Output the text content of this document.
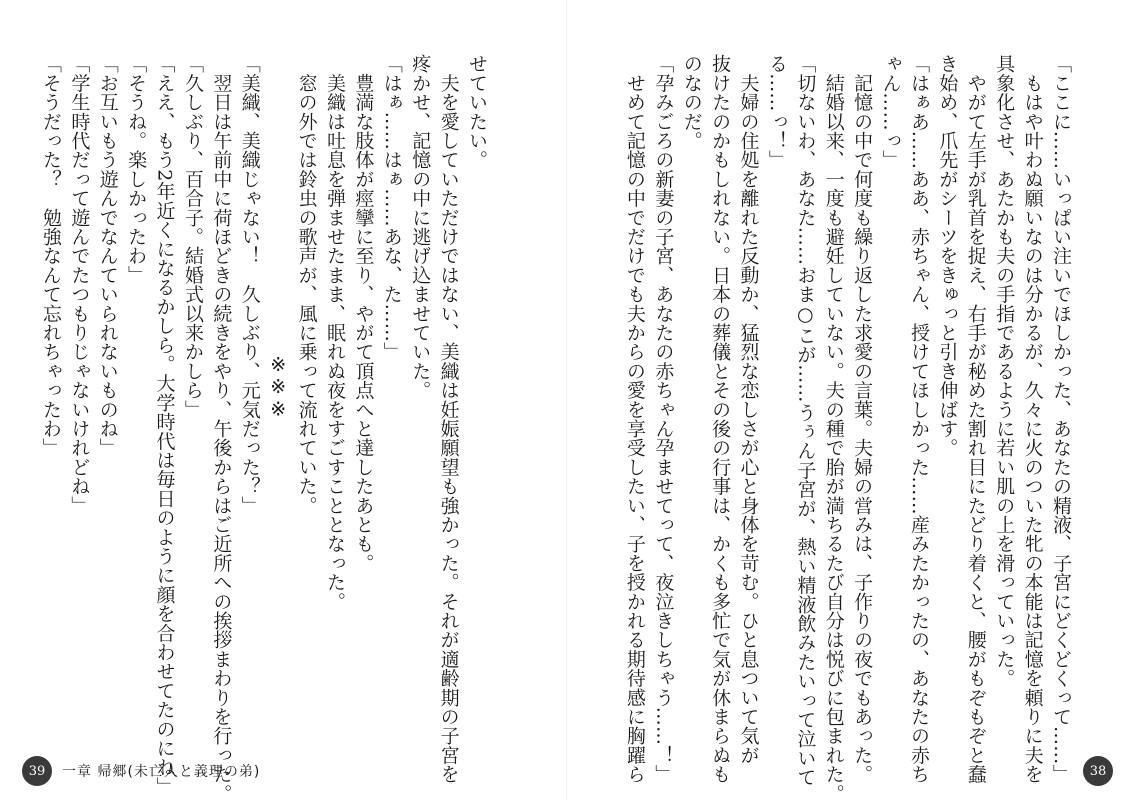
「ここに……いっぱい注いでほしかった、あなたの精液、子宮にどくどくって……」
　もはや叶わぬ願いなのは分かるが、久々に火のついた牝の本能は記憶を頼りに夫を
具象化させ、あたかも夫の手指であるように若い肌の上を滑っていった。
　やがて左手が乳首を捉え、右手が秘めた割れ目にたどり着くと、腰がもぞもぞと蠢
き始め、爪先がシーツをきゅっと引き伸ばす。
「はぁあ……ああ、赤ちゃん、授けてほしかった……産みたかったの、あなたの赤ち
ゃん……っ」
　記憶の中で何度も繰り返した求愛の言葉。夫婦の営みは、子作りの夜でもあった。
　結婚以来、一度も避妊していない。夫の種で胎が満ちるたび自分は悦びに包まれた。
「切ないわ、あなた……おま○こが……うぅん子宮が、熱い精液飲みたいって泣いて
る……っ！」
　夫婦の住処を離れた反動か、猛烈な恋しさが心と身体を苛む。ひと息ついて気が
抜けたのかもしれない。日本の葬儀とその後の行事は、かくも多忙で気が休まらぬも
のなのだ。
「孕みごろの新妻の子宮、あなたの赤ちゃん孕ませてって、夜泣きしちゃう……！」
　せめて記憶の中でだけでも夫からの愛を享受したい、子を授かれる期待感に胸躍ら	38
せていたい。
　夫を愛していただけではない、美織は妊娠願望も強かった。それが適齢期の子宮を
疼かせ、記憶の中に逃げ込ませていた。
「はぁ……はぁ……あな、た……」
　豊満な肢体が痙攣に至り、やがて頂点へと達したあとも。
　美織は吐息を弾ませたまま、眠れぬ夜をすごすこととなった。
　窓の外では鈴虫の歌声が、風に乗って流れていた。
※※※
「美織、美織じゃない！　久しぶり、元気だった？」
　翌日は午前中に荷ほどきの続きをやり、午後からはご近所への挨拶まわりを行った。
「久しぶり、百合子。結婚式以来かしら」
「ええ、もう2年近くになるかしら。大学時代は毎日のように顔を合わせてたのにね」
「そうね。楽しかったわ」
「お互いもう遊んでなんていられないものね」
「学生時代だって遊んでたつもりじゃないけれどね」
「そうだった？　勉強なんて忘れちゃったわ」
39	一章 帰郷(未亡人と義理の弟)
